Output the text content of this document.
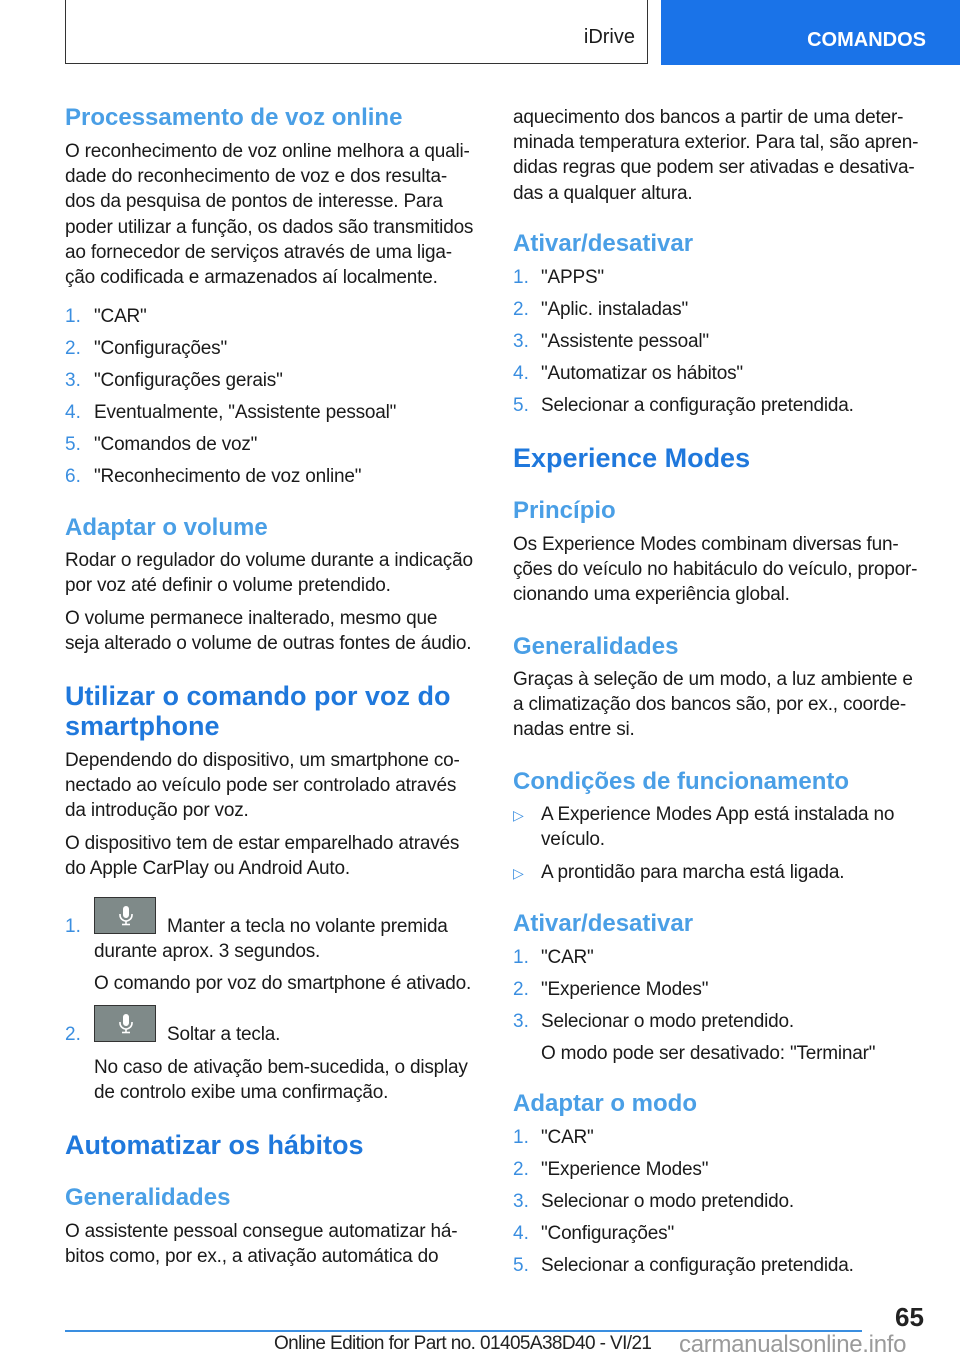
iDrive	COMANDOS
Processamento de voz online
O reconhecimento de voz online melhora a quali-
dade do reconhecimento de voz e dos resulta-
dos da pesquisa de pontos de interesse. Para
poder utilizar a função, os dados são transmitidos
ao fornecedor de serviços através de uma liga-
ção codificada e armazenados aí localmente.
1. "CAR"
2. "Configurações"
3. "Configurações gerais"
4. Eventualmente, "Assistente pessoal"
5. "Comandos de voz"
6. "Reconhecimento de voz online"
Adaptar o volume
Rodar o regulador do volume durante a indicação
por voz até definir o volume pretendido.
O volume permanece inalterado, mesmo que
seja alterado o volume de outras fontes de áudio.
Utilizar o comando por voz do
smartphone
Dependendo do dispositivo, um smartphone co-
nectado ao veículo pode ser controlado através
da introdução por voz.
O dispositivo tem de estar emparelhado através
do Apple CarPlay ou Android Auto.
1.	Manter a tecla no volante premida
durante aprox. 3 segundos.
O comando por voz do smartphone é ativado.
2.	Soltar a tecla.
No caso de ativação bem-sucedida, o display
de controlo exibe uma confirmação.
Automatizar os hábitos
Generalidades
O assistente pessoal consegue automatizar há-
bitos como, por ex., a ativação automática do
aquecimento dos bancos a partir de uma deter-
minada temperatura exterior. Para tal, são apren-
didas regras que podem ser ativadas e desativa-
das a qualquer altura.
Ativar/desativar
1. "APPS"
2. "Aplic. instaladas"
3. "Assistente pessoal"
4. "Automatizar os hábitos"
5. Selecionar a configuração pretendida.
Experience Modes
Princípio
Os Experience Modes combinam diversas fun-
ções do veículo no habitáculo do veículo, propor-
cionando uma experiência global.
Generalidades
Graças à seleção de um modo, a luz ambiente e
a climatização dos bancos são, por ex., coorde-
nadas entre si.
Condições de funcionamento
▷ A Experience Modes App está instalada no
veículo.
▷ A prontidão para marcha está ligada.
Ativar/desativar
1. "CAR"
2. "Experience Modes"
3. Selecionar o modo pretendido.
O modo pode ser desativado: "Terminar"
Adaptar o modo
1. "CAR"
2. "Experience Modes"
3. Selecionar o modo pretendido.
4. "Configurações"
5. Selecionar a configuração pretendida.
65
Online Edition for Part no. 01405A38D40 - VI/21 carmanualsonline.info
